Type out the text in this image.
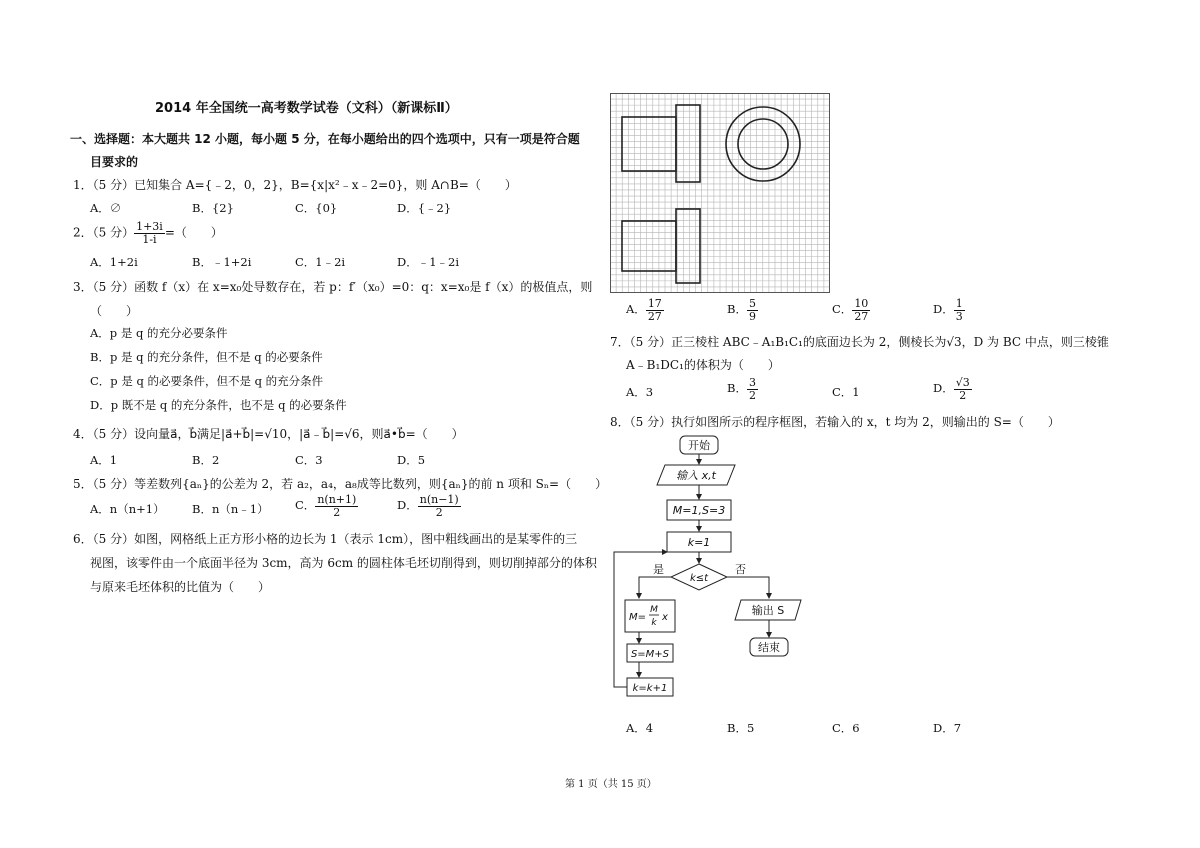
2014 年全国统一高考数学试卷（文科）（新课标Ⅱ）
一、选择题：本大题共 12 小题，每小题 5 分，在每小题给出的四个选项中，只有一项是符合题
目要求的
1．（5 分）已知集合 A={﹣2，0，2}，B={x|x²﹣x﹣2=0}，则 A∩B=（　　）
A．∅	B．{2}	C．{0}	D．{﹣2}
2．（5 分） $\frac{1+3i}{1-i}$ =（　　）
A．1+2i	B．﹣1+2i	C．1﹣2i	D．﹣1﹣2i
3．（5 分）函数 f（x）在 x=x₀处导数存在，若 p：f′（x₀）=0：q：x=x₀是 f（x）的极值点，则
（　　）
A．p 是 q 的充分必要条件
B．p 是 q 的充分条件，但不是 q 的必要条件
C．p 是 q 的必要条件，但不是 q 的充分条件
D．p 既不是 q 的充分条件，也不是 q 的必要条件
4．（5 分）设向量a⃗，b⃗满足|a⃗+b⃗|=√10，|a⃗﹣b⃗|=√6，则a⃗•b⃗=（　　）
A．1	B．2	C．3	D．5
5．（5 分）等差数列{aₙ}的公差为 2，若 a₂，a₄，a₈成等比数列，则{aₙ}的前 n 项和 Sₙ=（　　）
A．n（n+1） B．n（n﹣1） C． $\frac{n(n+1)}{2}$	D． $\frac{n(n-1)}{2}$
6．（5 分）如图，网格纸上正方形小格的边长为 1（表示 1cm），图中粗线画出的是某零件的三
视图，该零件由一个底面半径为 3cm，高为 6cm 的圆柱体毛坯切削得到，则切削掉部分的体积
与原来毛坯体积的比值为（　　）
A． $\frac{17}{27}$	B． $\frac{5}{9}$	C． $\frac{10}{27}$	D． $\frac{1}{3}$
7．（5 分）正三棱柱 ABC﹣A₁B₁C₁的底面边长为 2，侧棱长为√3，D 为 BC 中点，则三棱锥
A﹣B₁DC₁的体积为（　　）
A．3	B． $\frac{3}{2}$	C．1	D． $\frac{√3}{2}$
8．（5 分）执行如图所示的程序框图，若输入的 x，t 均为 2，则输出的 S=（　　）
开始
输入 x,t
M=1,S=3
k=1
k≤t
是	否
M=
M
k x
S=M+S
k=k+1
输出 S
结束
A．4	B．5	C．6	D．7
第 1 页（共 15 页）
